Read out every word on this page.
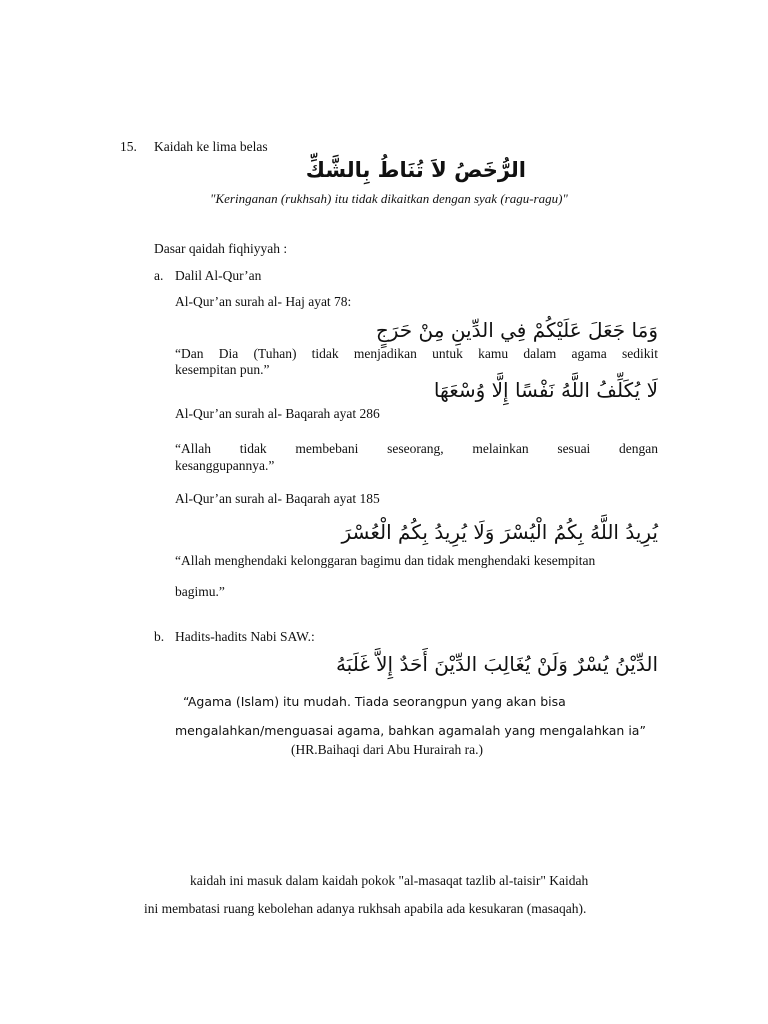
15. Kaidah ke lima belas
الرُّخَصُ لاَ تُنَاطُ بِالشَّكِّ
"Keringanan (rukhsah) itu tidak dikaitkan dengan syak (ragu-ragu)"
Dasar qaidah fiqhiyyah :
a. Dalil Al-Qur’an
Al-Qur’an surah al- Haj ayat 78:
وَمَا جَعَلَ عَلَيْكُمْ فِي الدِّينِ مِنْ حَرَجٍ
“Dan Dia (Tuhan) tidak menjadikan untuk kamu dalam agama sedikit
kesempitan pun.”
لَا يُكَلِّفُ اللَّهُ نَفْسًا إِلَّا وُسْعَهَا
Al-Qur’an surah al- Baqarah ayat 286
“Allah tidak membebani seseorang, melainkan sesuai dengan
kesanggupannya.”
Al-Qur’an surah al- Baqarah ayat 185
يُرِيدُ اللَّهُ بِكُمُ الْيُسْرَ وَلَا يُرِيدُ بِكُمُ الْعُسْرَ
“Allah menghendaki kelonggaran bagimu dan tidak menghendaki kesempitan
bagimu.”
b. Hadits-hadits Nabi SAW.:
الدِّيْنُ يُسْرٌ وَلَنْ يُغَالِبَ الدِّيْنَ أَحَدٌ إِلاَّ غَلَبَهُ
“Agama (Islam) itu mudah. Tiada seorangpun yang akan bisa
mengalahkan/menguasai agama, bahkan agamalah yang mengalahkan ia”
(HR.Baihaqi dari Abu Hurairah ra.)
kaidah ini masuk dalam kaidah pokok "al-masaqat tazlib al-taisir" Kaidah
ini membatasi ruang kebolehan adanya rukhsah apabila ada kesukaran (masaqah).
